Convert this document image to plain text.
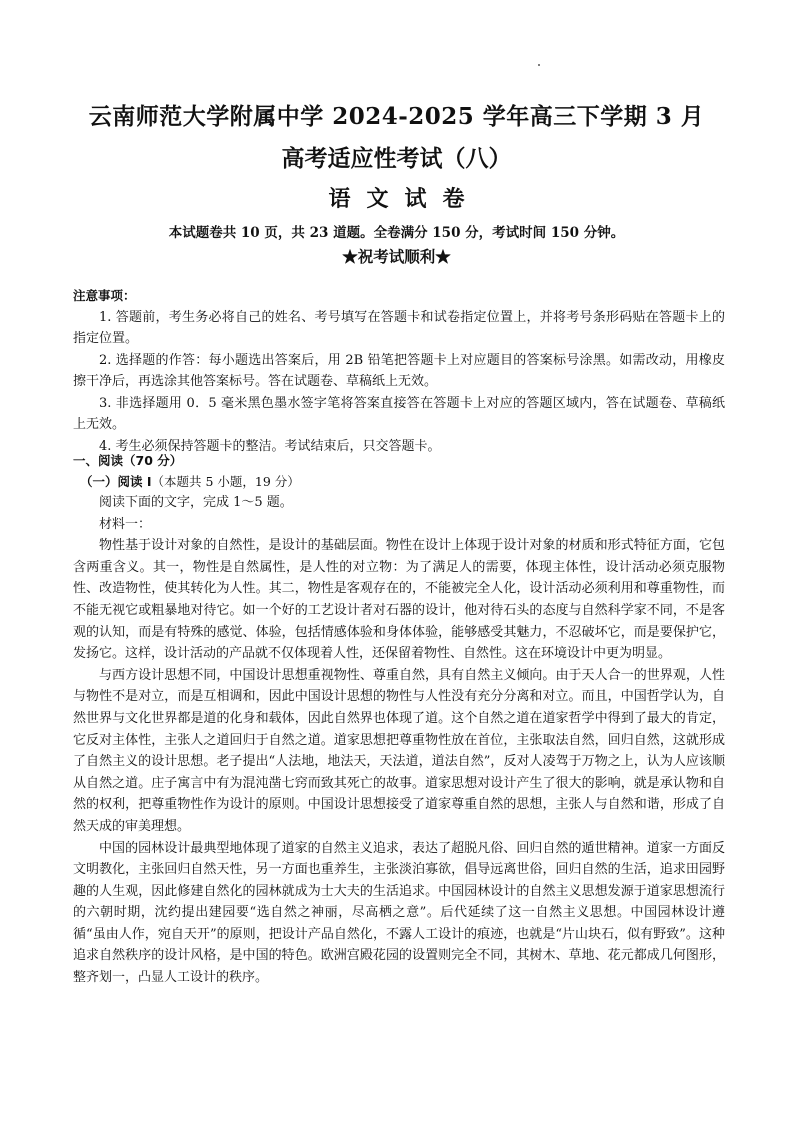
云南师范大学附属中学 2024-2025 学年高三下学期 3 月
高考适应性考试（八）
语文试卷
本试题卷共 10 页，共 23 道题。全卷满分 150 分，考试时间 150 分钟。
★祝考试顺利★
注意事项：

1. 答题前，考生务必将自己的姓名、考号填写在答题卡和试卷指定位置上，并将考号条形码贴在答题卡上的指定位置。

2. 选择题的作答：每小题选出答案后，用 2B 铅笔把答题卡上对应题目的答案标号涂黑。如需改动，用橡皮擦干净后，再选涂其他答案标号。答在试题卷、草稿纸上无效。

3. 非选择题用 0．5 毫米黑色墨水签字笔将答案直接答在答题卡上对应的答题区域内，答在试题卷、草稿纸上无效。

4. 考生必须保持答题卡的整洁。考试结束后，只交答题卡。

一、阅读（70 分）
（一）阅读 I（本题共 5 小题，19 分）

阅读下面的文字，完成 1～5 题。

材料一：

物性基于设计对象的自然性，是设计的基础层面。物性在设计上体现于设计对象的材质和形式特征方面，它包含两重含义。其一，物性是自然属性，是人性的对立物：为了满足人的需要，体现主体性，设计活动必须克服物性、改造物性，使其转化为人性。其二，物性是客观存在的，不能被完全人化，设计活动必须利用和尊重物性，而不能无视它或粗暴地对待它。如一个好的工艺设计者对石器的设计，他对待石头的态度与自然科学家不同，不是客观的认知，而是有特殊的感觉、体验，包括情感体验和身体体验，能够感受其魅力，不忍破坏它，而是要保护它，发扬它。这样，设计活动的产品就不仅体现着人性，还保留着物性、自然性。这在环境设计中更为明显。

与西方设计思想不同，中国设计思想重视物性、尊重自然，具有自然主义倾向。由于天人合一的世界观，人性与物性不是对立，而是互相调和，因此中国设计思想的物性与人性没有充分分离和对立。而且，中国哲学认为，自然世界与文化世界都是道的化身和载体，因此自然界也体现了道。这个自然之道在道家哲学中得到了最大的肯定，它反对主体性，主张人之道回归于自然之道。道家思想把尊重物性放在首位，主张取法自然，回归自然，这就形成了自然主义的设计思想。老子提出“人法地，地法天，天法道，道法自然”，反对人凌驾于万物之上，认为人应该顺从自然之道。庄子寓言中有为混沌凿七窍而致其死亡的故事。道家思想对设计产生了很大的影响，就是承认物和自然的权利，把尊重物性作为设计的原则。中国设计思想接受了道家尊重自然的思想，主张人与自然和谐，形成了自然天成的审美理想。

中国的园林设计最典型地体现了道家的自然主义追求，表达了超脱凡俗、回归自然的遁世精神。道家一方面反文明教化，主张回归自然天性，另一方面也重养生，主张淡泊寡欲，倡导远离世俗，回归自然的生活，追求田园野趣的人生观，因此修建自然化的园林就成为士大夫的生活追求。中国园林设计的自然主义思想发源于道家思想流行的六朝时期，沈约提出建园要“选自然之神丽，尽高栖之意”。后代延续了这一自然主义思想。中国园林设计遵循“虽由人作，宛自天开”的原则，把设计产品自然化，不露人工设计的痕迹，也就是“片山块石，似有野致”。这种追求自然秩序的设计风格，是中国的特色。欧洲宫殿花园的设置则完全不同，其树木、草地、花元都成几何图形，整齐划一，凸显人工设计的秩序。
